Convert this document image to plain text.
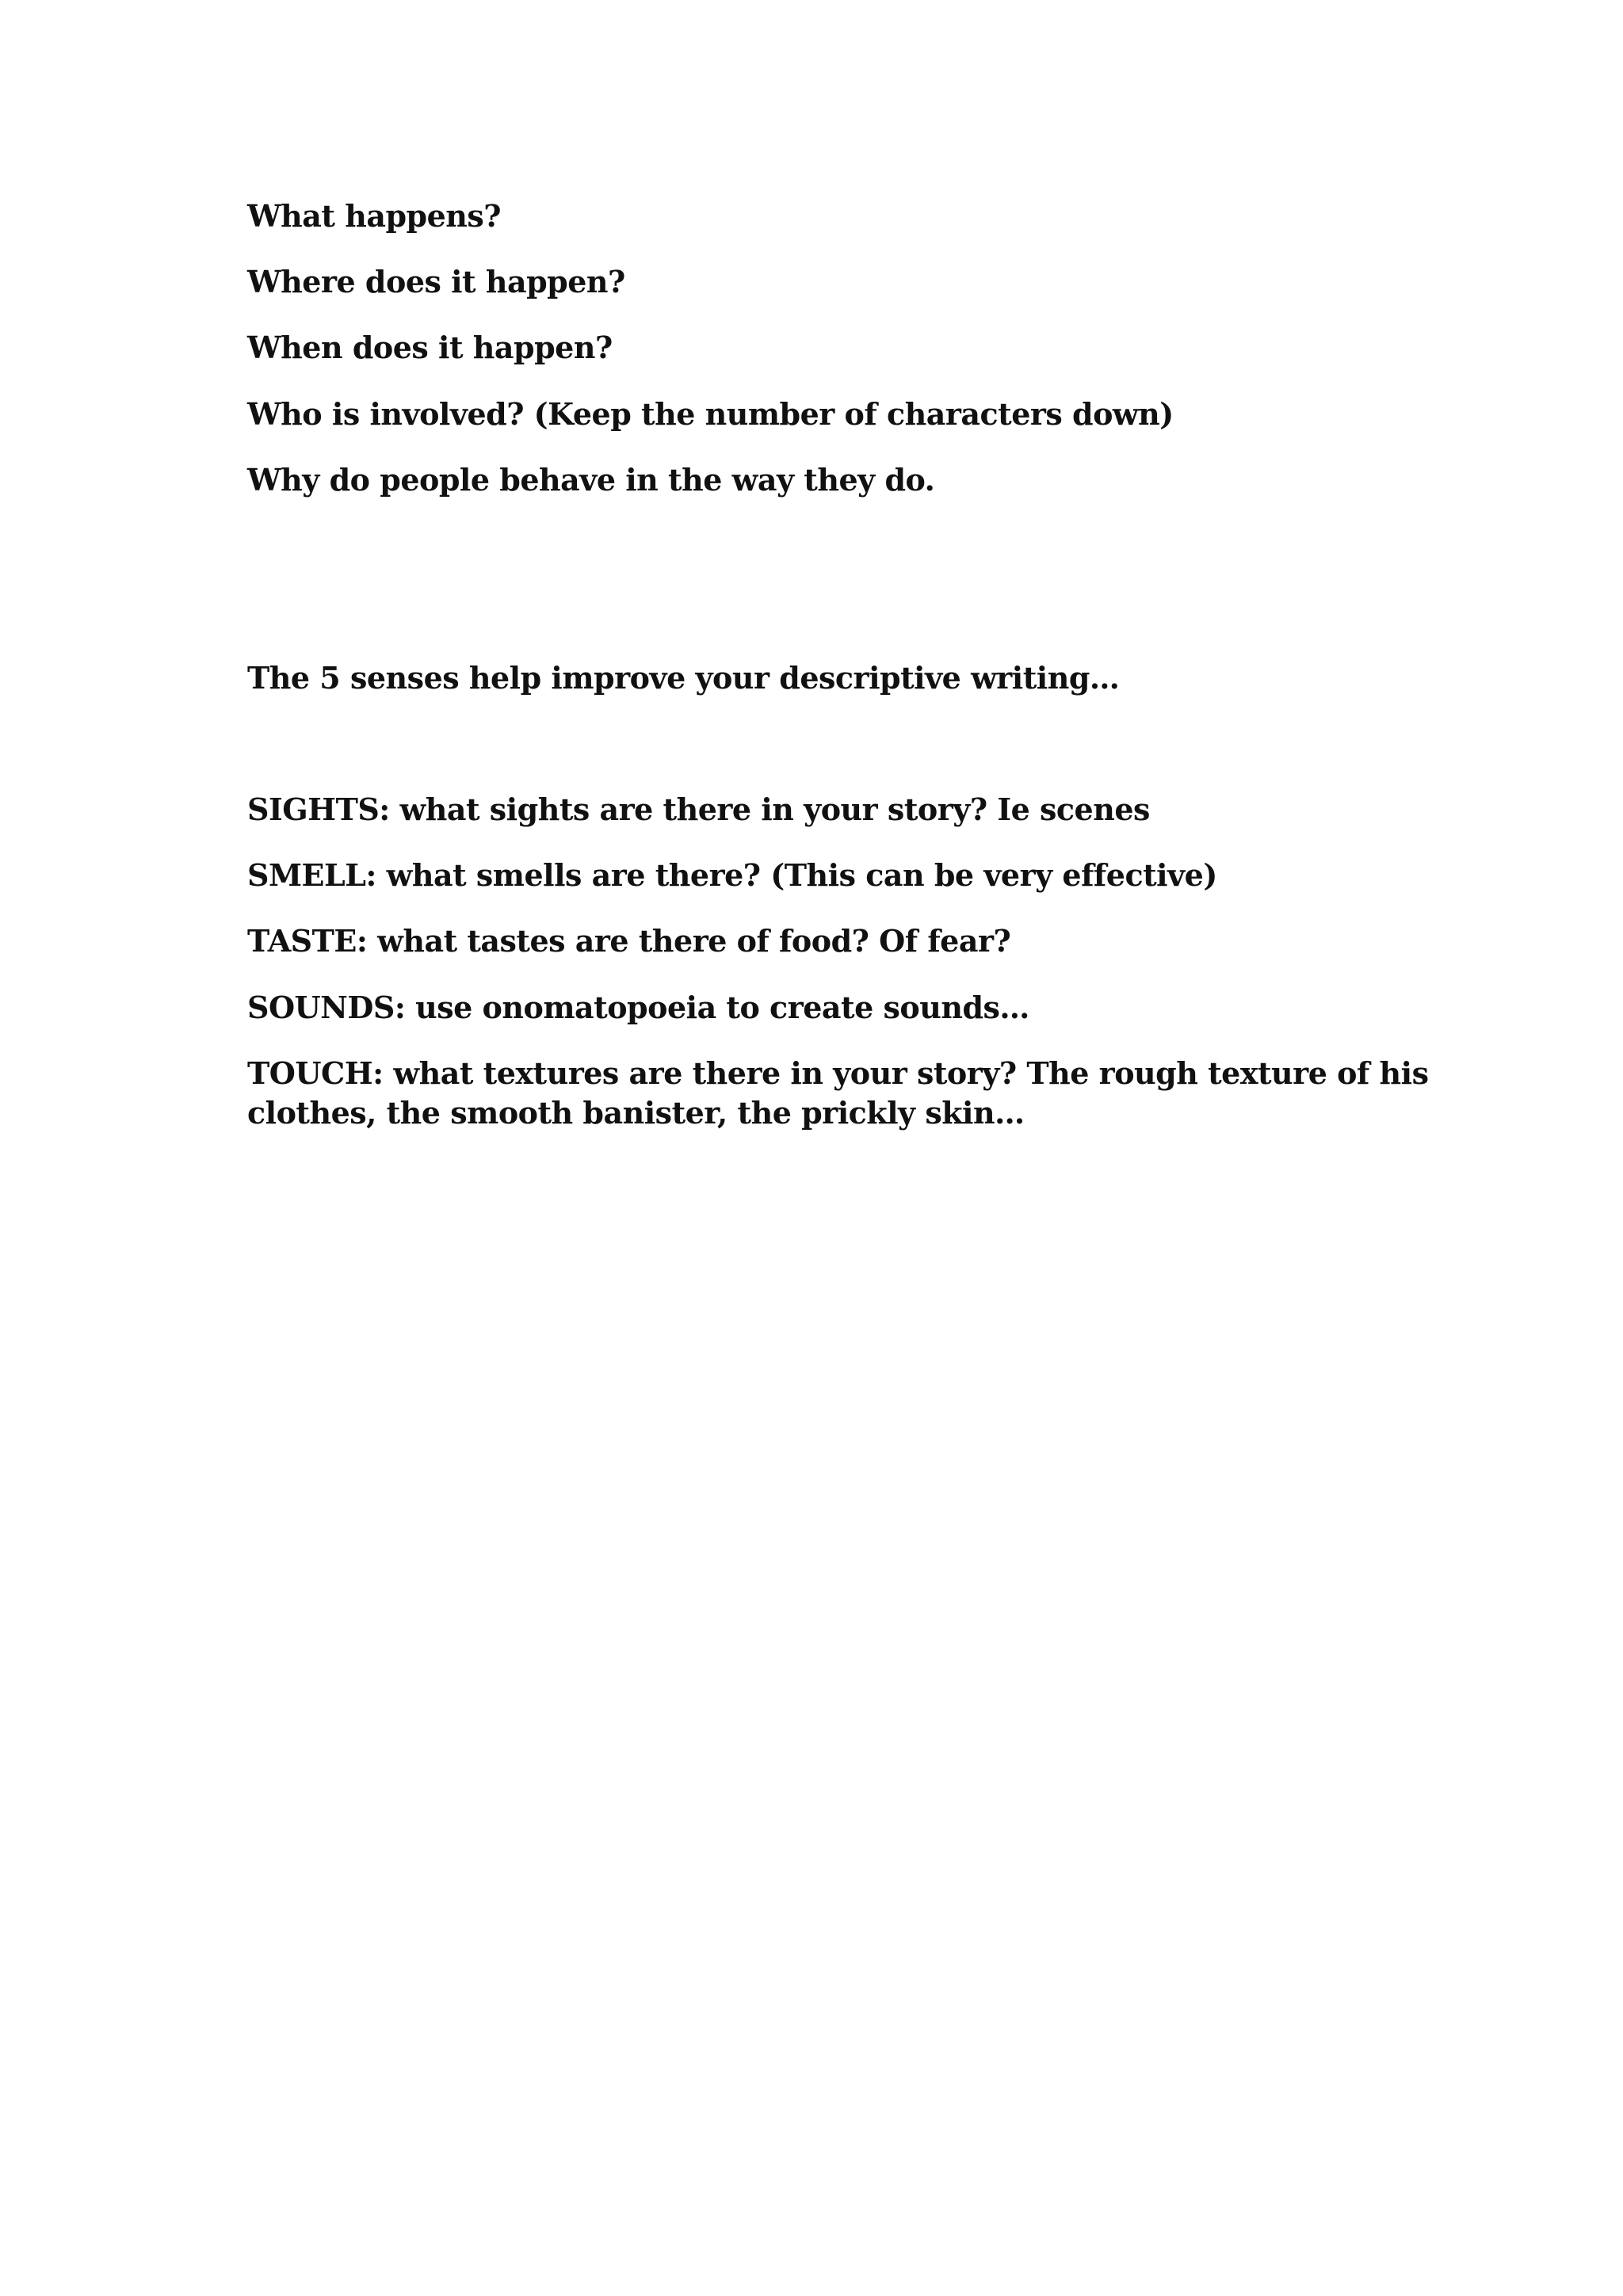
What happens?

Where does it happen?

When does it happen?

Who is involved? (Keep the number of characters down)

Why do people behave in the way they do.

The 5 senses help improve your descriptive writing…

SIGHTS: what sights are there in your story? Ie scenes

SMELL: what smells are there? (This can be very effective)

TASTE: what tastes are there of food? Of fear?

SOUNDS: use onomatopoeia to create sounds…

TOUCH: what textures are there in your story? The rough texture of his clothes, the smooth banister, the prickly skin…
